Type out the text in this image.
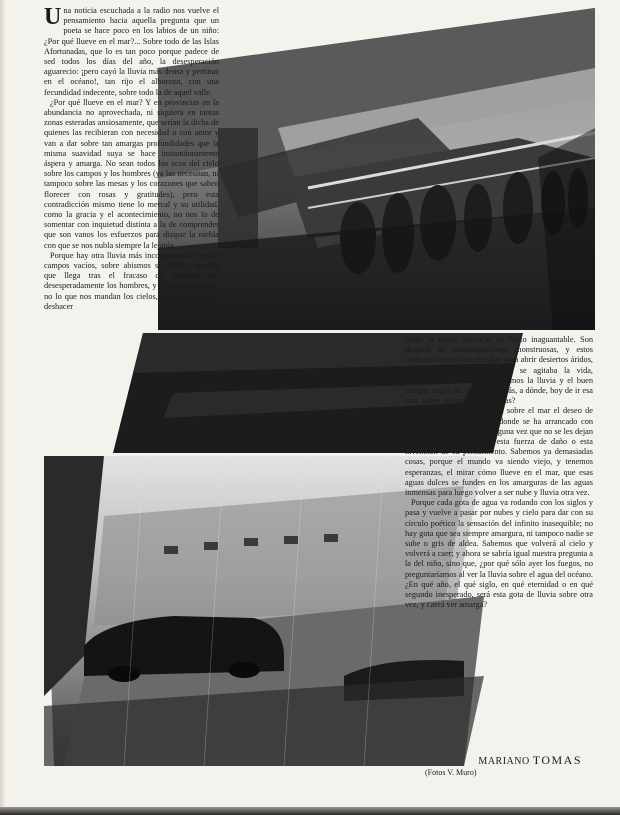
Una noticia escuchada a la radio nos vuelve el pensamiento hacia aquella pregunta que un poeta se hace poco en los labios de un niño: ¿Por qué llueve en el mar?... Sobre todo de las Islas Afortunadas, que lo es tan poco porque padece de sed todos los días del año, la desesperación aguarecio: ¡pero cayó la lluvia más densa y pertinaz en el océano!, tan rijo el alborozo, con una fecundidad indecente, sobre todo la de aquel valle.

¿Por qué llueve en el mar? Y en provincias en la abundancia no aprovechada, ni siquiera en tantas zonas esteradas ansiosamente, que serían la dicha de quienes las recibieran con necesidad o con amor y van a dar sobre tan amargas profundidades que la misma suavidad suya se hace instantáneamente áspera y amarga. No sean todos los ecos del cielo sobre los campos y los hombres (ya las necesitan, ni tampoco sobre las mesas y los corazones que saben florecer con rosas y gratitudes), pero esta contradicción mismo tiene lo mercal y su utilidad, como la gracia y el acontecimiento, no nos lo de somentar con inquietud distinta a la de comprender que son vanos los esfuerzos para disipar la niebla con que se nos nubla siempre la lejanía.

Porque hay otra lluvia más incomprensible, sobre campos vacíos, sobre abismos sin fondo; aquella que llega tras el fracaso de fortunas que desesperadamente los hombres, y el mágico sonido, no lo que nos mandan los cielos, que la cae por el deshacer

luego la lluvia provocar su llanto inaguantable. Son después de contemplaciones monstruosas, y estos cerebros cuyas ideas estallan para abrir desiertos áridos, donde, unos segundos antes, se agitaba la vida, inventarán en otros días próximos la lluvia y el buen tiempo, según su voluntad. ¿Más, a dónde, hoy de ir esa otra, sobre qué tercos o qué olas?

Es más inútil que la lluvia sobre el mar el deseo de que vuelva la vida allí de donde se ha arrancado con violencia; pero pensemos alguna vez que no se les dejan a los dioses del hombre esta fuerza de daño o esta invención de su pensamiento. Sabemos ya demasiadas cosas, porque el mundo va siendo viejo, y tenemos esperanzas, el mirar cómo llueve en el mar, que esas aguas dulces se funden en los amarguras de las aguas inmensas para luego volver a ser nube y lluvia otra vez.

Porque cada gota de agua va rodando con los siglos y pasa y vuelve a pasar por nubes y cielo para dar con su círculo poético la sensación del infinito inasequible; no hay gota que sea siempre amargura, ni tampoco nadie se sube o gris de aldea. Sabemos que volverá al cielo y volverá a caer; y ahora se sabría igual nuestra pregunta a la del niño, sino que, ¿por qué sólo ayer los fuegos, no preguntaríamos al ver la lluvia sobre el agua del océano. ¿En qué año, el qué siglo, en qué eternidad o en qué segundo inesperado, será esta gota de lluvia sobre otra vez, y caerá ver amarga?

MARIANO TOMAS
(Fotos V. Muro)
